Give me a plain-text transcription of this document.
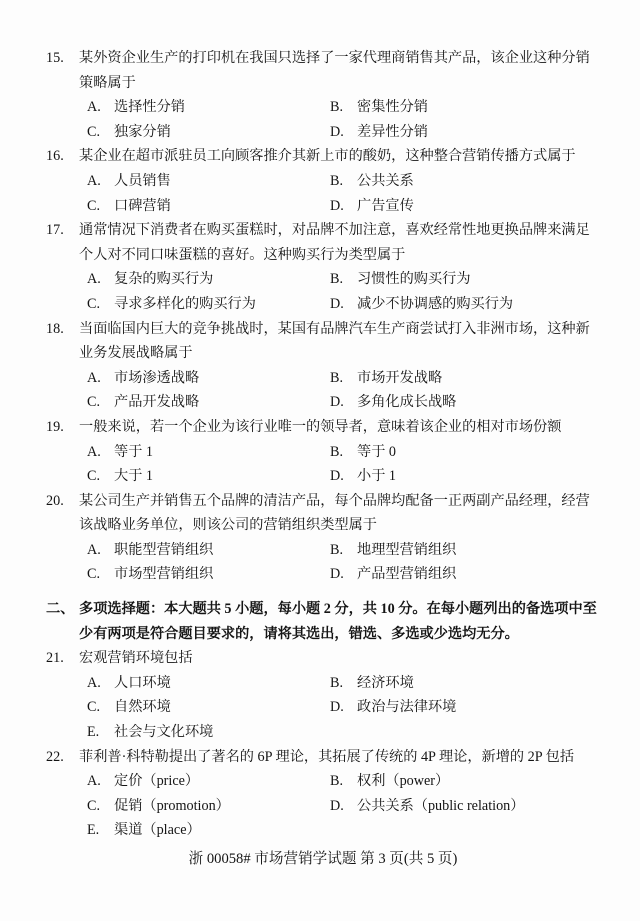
15. 某外资企业生产的打印机在我国只选择了一家代理商销售其产品，该企业这种分销策略属于
A. 选择性分销	B. 密集性分销
C. 独家分销	D. 差异性分销
16. 某企业在超市派驻员工向顾客推介其新上市的酸奶，这种整合营销传播方式属于
A. 人员销售	B. 公共关系
C. 口碑营销	D. 广告宣传
17. 通常情况下消费者在购买蛋糕时，对品牌不加注意，喜欢经常性地更换品牌来满足个人对不同口味蛋糕的喜好。这种购买行为类型属于
A. 复杂的购买行为	B. 习惯性的购买行为
C. 寻求多样化的购买行为	D. 减少不协调感的购买行为
18. 当面临国内巨大的竞争挑战时，某国有品牌汽车生产商尝试打入非洲市场，这种新业务发展战略属于
A. 市场渗透战略	B. 市场开发战略
C. 产品开发战略	D. 多角化成长战略
19. 一般来说，若一个企业为该行业唯一的领导者，意味着该企业的相对市场份额
A. 等于 1	B. 等于 0
C. 大于 1	D. 小于 1
20. 某公司生产并销售五个品牌的清洁产品，每个品牌均配备一正两副产品经理，经营该战略业务单位，则该公司的营销组织类型属于
A. 职能型营销组织	B. 地理型营销组织
C. 市场型营销组织	D. 产品型营销组织
二、 多项选择题：本大题共 5 小题，每小题 2 分，共 10 分。在每小题列出的备选项中至少有两项是符合题目要求的，请将其选出，错选、多选或少选均无分。
21. 宏观营销环境包括
A. 人口环境	B. 经济环境
C. 自然环境	D. 政治与法律环境
E. 社会与文化环境
22. 菲利普·科特勒提出了著名的 6P 理论，其拓展了传统的 4P 理论，新增的 2P 包括
A. 定价（price）	B. 权利（power）
C. 促销（promotion）	D. 公共关系（public relation）
E. 渠道（place）
浙 00058# 市场营销学试题 第 3 页(共 5 页)
